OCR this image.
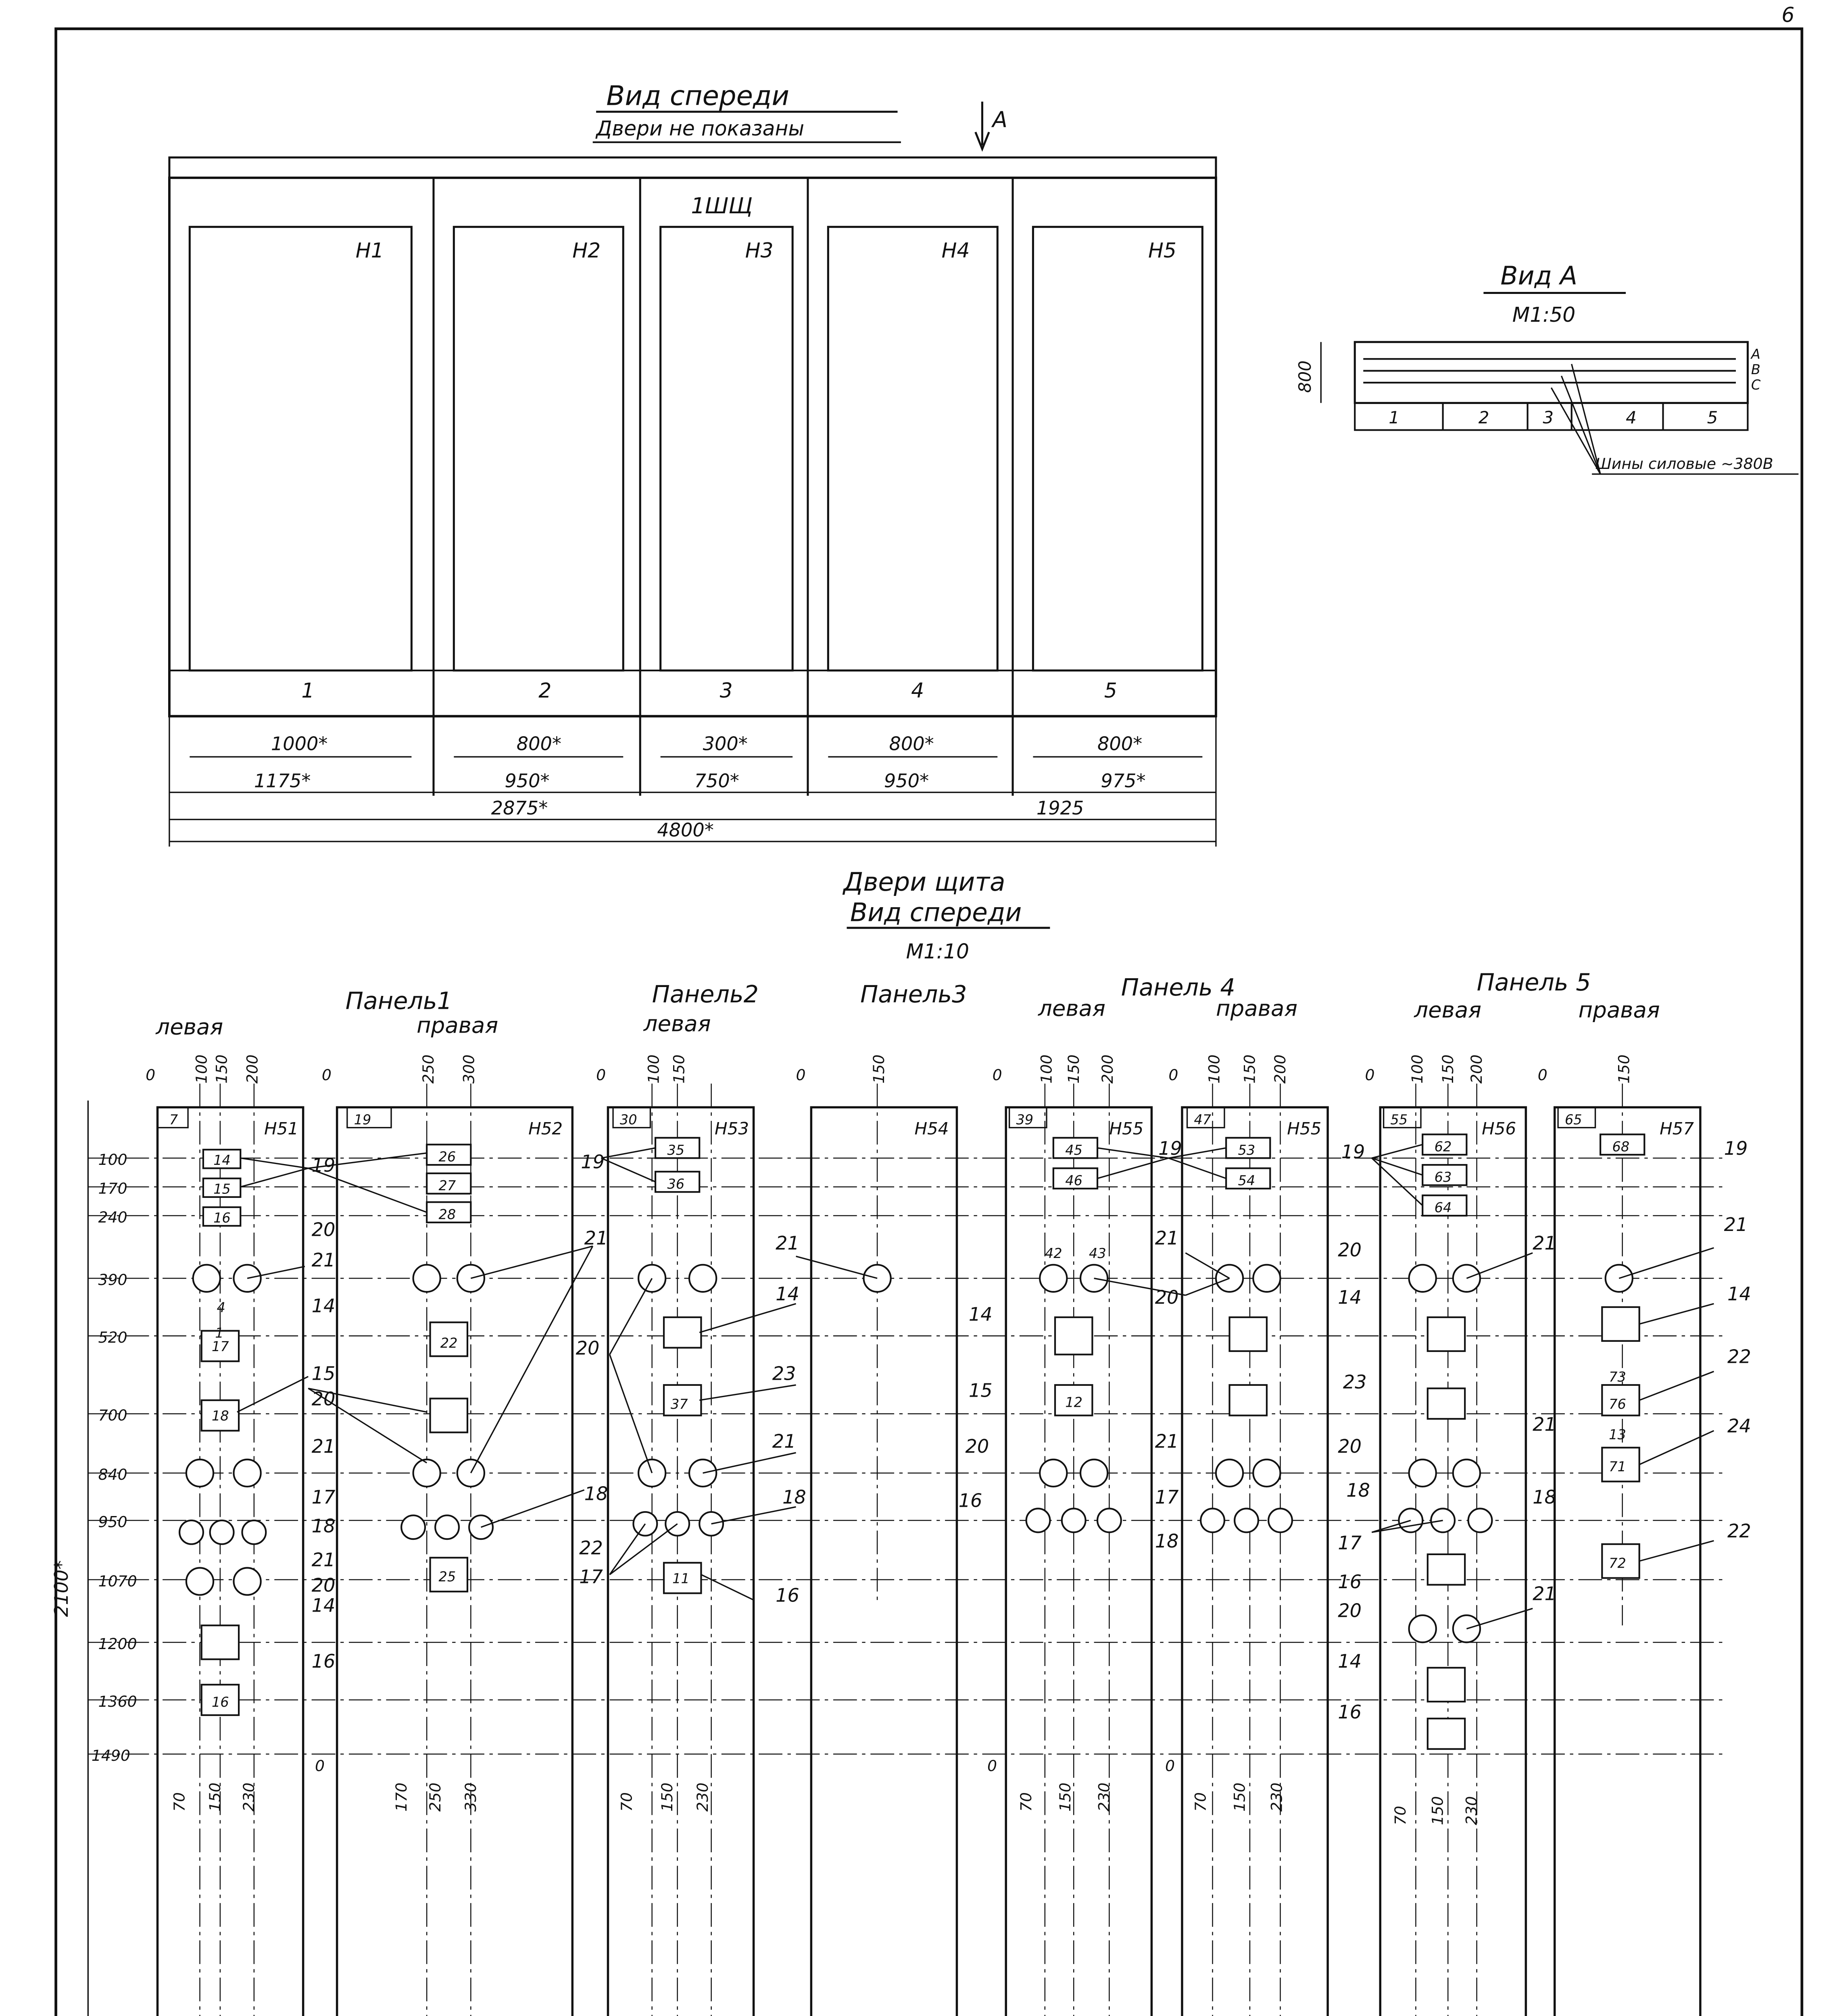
6
Вид спереди
Двери не показаны	А
1ШЩ
Н1	Н2	Н3	Н4	Н5
1	2	3	4	5
1000*	800*	300*	800*	800*
1175*	950*	750*	950*	975*
2875*	1925
4800*
Вид А
М1:50
1	2	3	4	5
800
А
В
С
Шины силовые ~380В
Двери щита
Вид спереди
М1:10
Панель1
левая	правая
Панель2
левая
Панель3	Панель 4
левая	правая
Панель 5
левая	правая
Н51	Н52	Н53	Н54	Н55	Н55	Н56	Н57
7	19	30	39	47	55	65
2100*
100
170
240
390
520
700
840
950
1070
1200
1360
1490
0	100 150	200	0	250	300	0	100 150	0	150	0	100	150	200	0	100	150	200	0	100	150	200	0	150
70	150	230
0
170	250	330	70	150	230
0
70	150	230
0
70	150	230
70	150	230
14
15
16
26
27
28
35
36
45
46
53
54
62
63
64
68
4
17
18
22
1
37
42	43
73
12
16
25	11
76
13
71
72
19
20
21
14
15
20
21
17
18
21
20
14
16
19
21	21
20
18
22
17
16
14
23
21
18
19
21
20
14
15
20
16
21
17
18
18
19
20
14
23
20
17
16
20
14
16
21
21
18
21
19
21
14
22
24
22
